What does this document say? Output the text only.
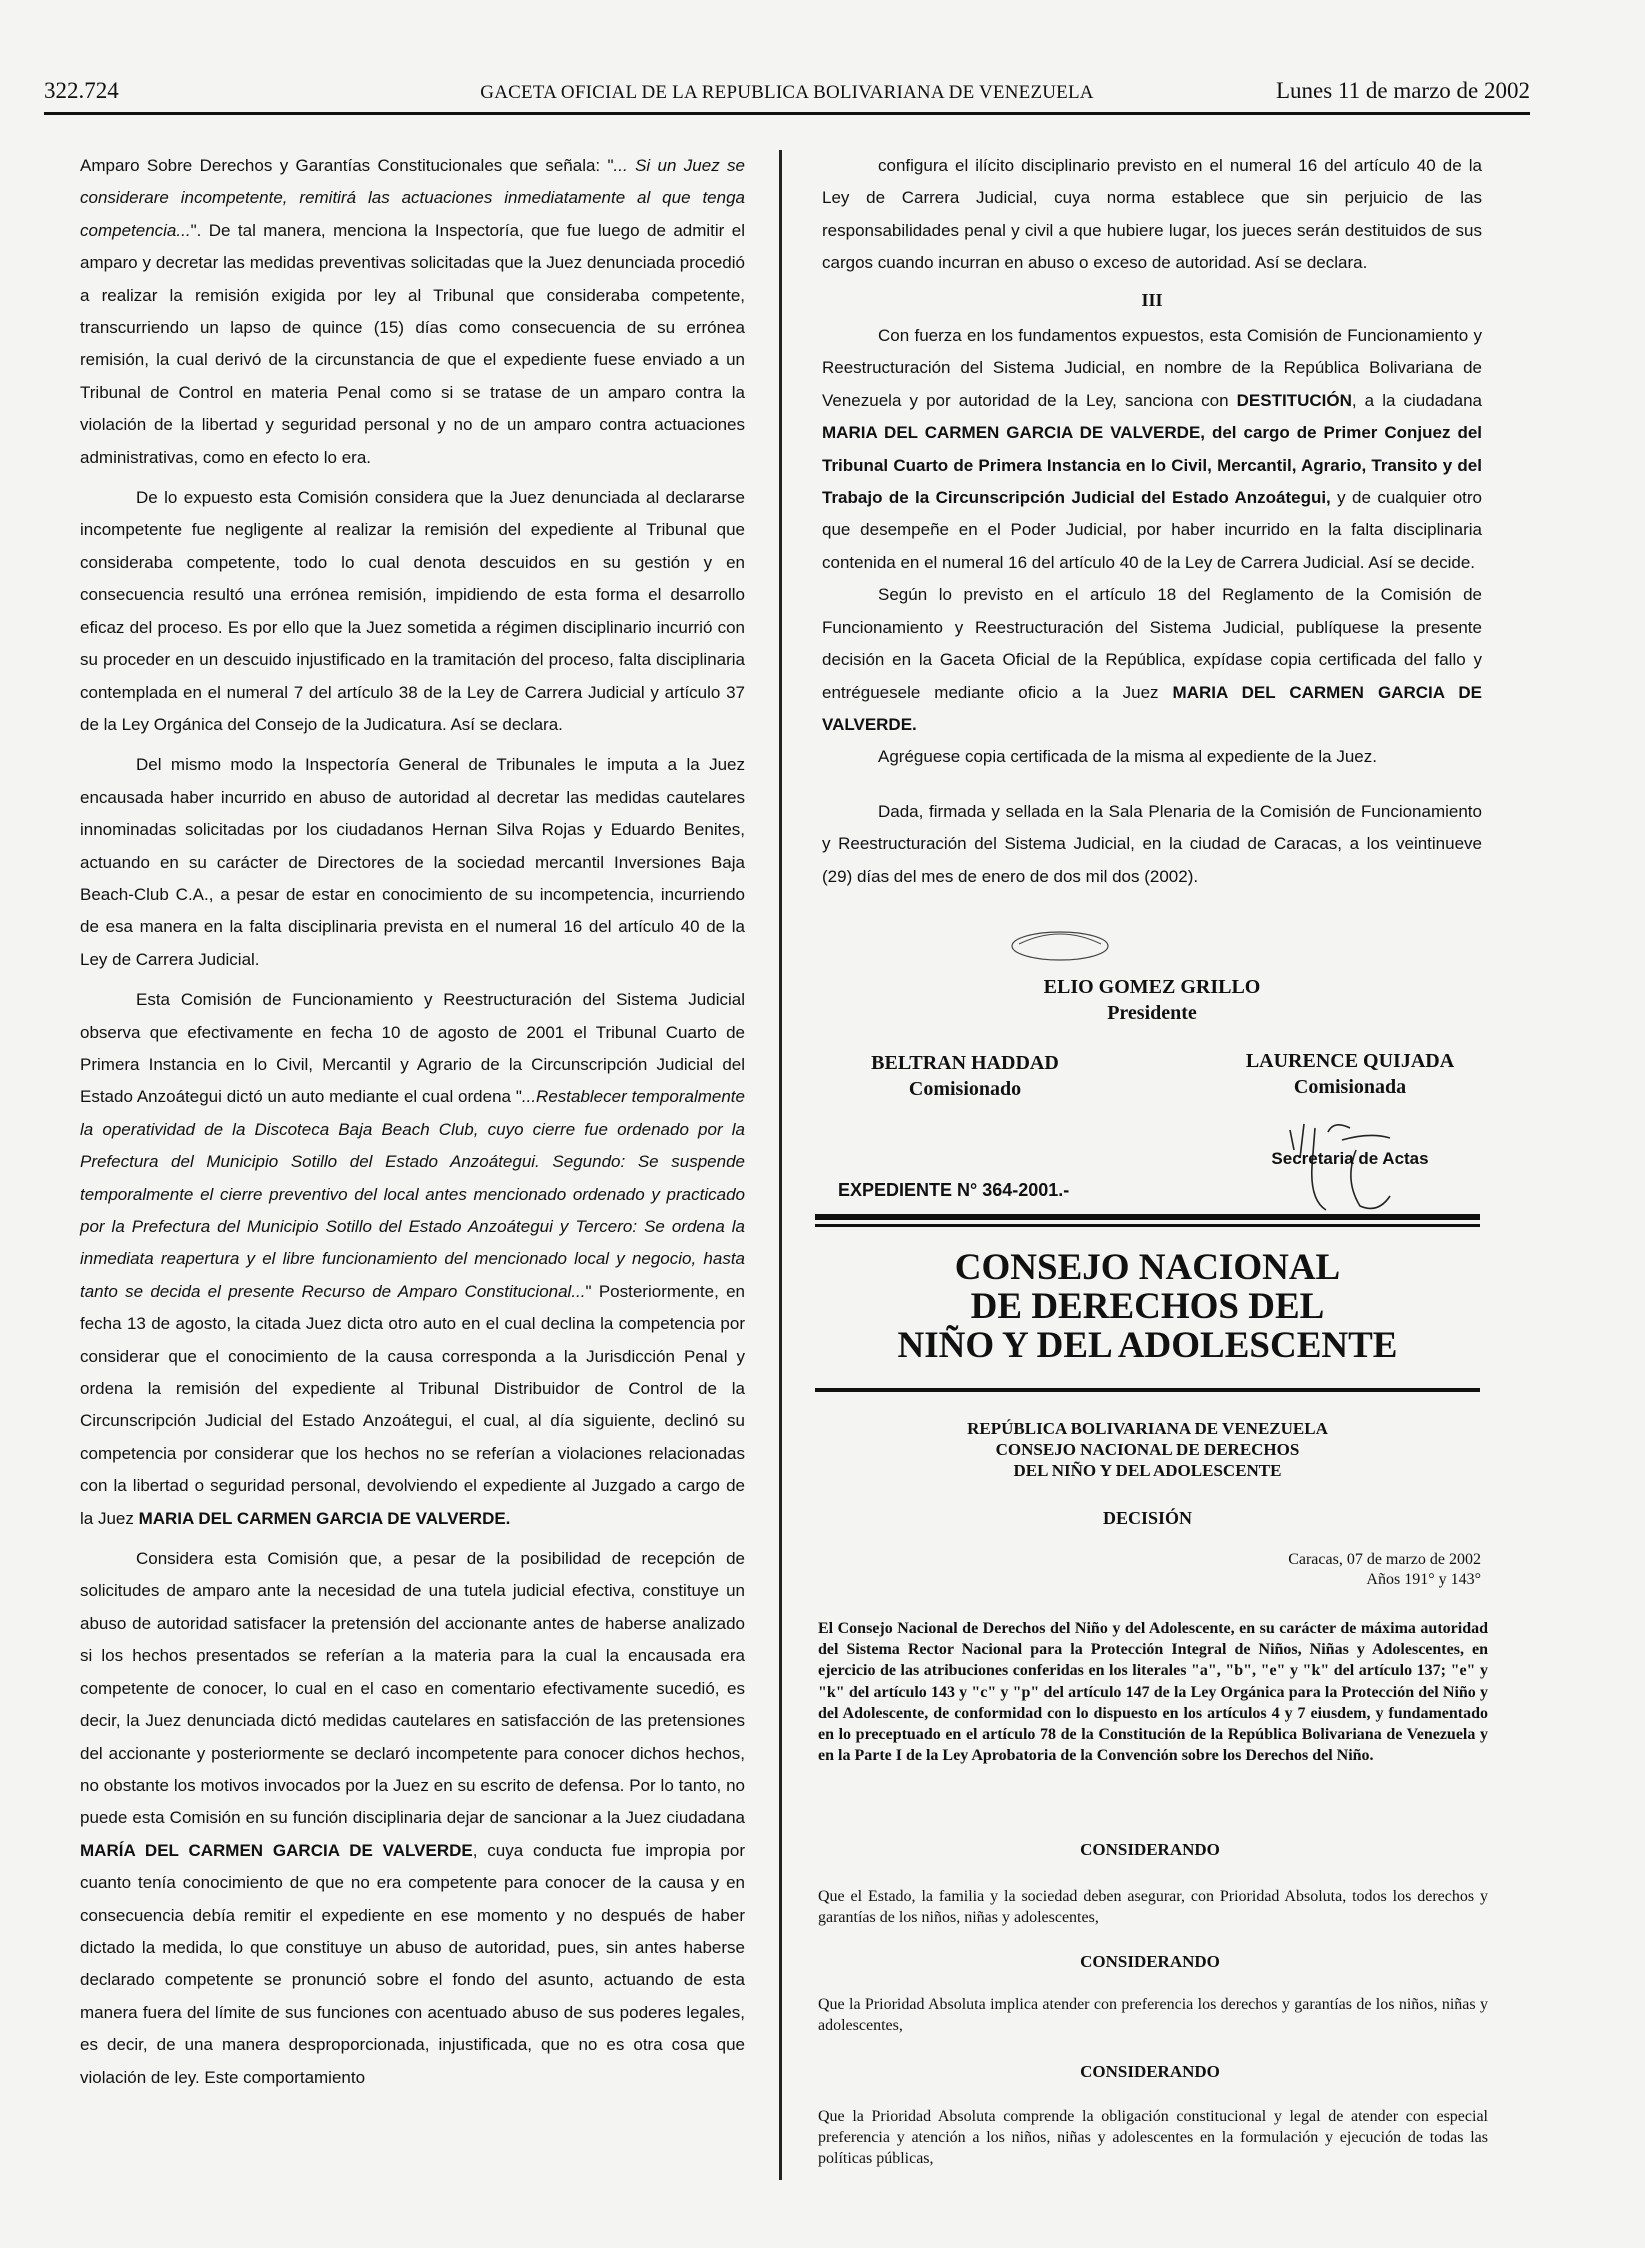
322.724	GACETA OFICIAL DE LA REPUBLICA BOLIVARIANA DE VENEZUELA	Lunes 11 de marzo de 2002

Amparo Sobre Derechos y Garantías Constitucionales que señala: "... Si un Juez se considerare incompetente, remitirá las actuaciones inmediatamente al que tenga competencia...". De tal manera, menciona la Inspectoría, que fue luego de admitir el amparo y decretar las medidas preventivas solicitadas que la Juez denunciada procedió a realizar la remisión exigida por ley al Tribunal que consideraba competente, transcurriendo un lapso de quince (15) días como consecuencia de su errónea remisión, la cual derivó de la circunstancia de que el expediente fuese enviado a un Tribunal de Control en materia Penal como si se tratase de un amparo contra la violación de la libertad y seguridad personal y no de un amparo contra actuaciones administrativas, como en efecto lo era.

De lo expuesto esta Comisión considera que la Juez denunciada al declararse incompetente fue negligente al realizar la remisión del expediente al Tribunal que consideraba competente, todo lo cual denota descuidos en su gestión y en consecuencia resultó una errónea remisión, impidiendo de esta forma el desarrollo eficaz del proceso. Es por ello que la Juez sometida a régimen disciplinario incurrió con su proceder en un descuido injustificado en la tramitación del proceso, falta disciplinaria contemplada en el numeral 7 del artículo 38 de la Ley de Carrera Judicial y artículo 37 de la Ley Orgánica del Consejo de la Judicatura. Así se declara.

Del mismo modo la Inspectoría General de Tribunales le imputa a la Juez encausada haber incurrido en abuso de autoridad al decretar las medidas cautelares innominadas solicitadas por los ciudadanos Hernan Silva Rojas y Eduardo Benites, actuando en su carácter de Directores de la sociedad mercantil Inversiones Baja Beach-Club C.A., a pesar de estar en conocimiento de su incompetencia, incurriendo de esa manera en la falta disciplinaria prevista en el numeral 16 del artículo 40 de la Ley de Carrera Judicial.

Esta Comisión de Funcionamiento y Reestructuración del Sistema Judicial observa que efectivamente en fecha 10 de agosto de 2001 el Tribunal Cuarto de Primera Instancia en lo Civil, Mercantil y Agrario de la Circunscripción Judicial del Estado Anzoátegui dictó un auto mediante el cual ordena "...Restablecer temporalmente la operatividad de la Discoteca Baja Beach Club, cuyo cierre fue ordenado por la Prefectura del Municipio Sotillo del Estado Anzoátegui. Segundo: Se suspende temporalmente el cierre preventivo del local antes mencionado ordenado y practicado por la Prefectura del Municipio Sotillo del Estado Anzoátegui y Tercero: Se ordena la inmediata reapertura y el libre funcionamiento del mencionado local y negocio, hasta tanto se decida el presente Recurso de Amparo Constitucional..." Posteriormente, en fecha 13 de agosto, la citada Juez dicta otro auto en el cual declina la competencia por considerar que el conocimiento de la causa corresponda a la Jurisdicción Penal y ordena la remisión del expediente al Tribunal Distribuidor de Control de la Circunscripción Judicial del Estado Anzoátegui, el cual, al día siguiente, declinó su competencia por considerar que los hechos no se referían a violaciones relacionadas con la libertad o seguridad personal, devolviendo el expediente al Juzgado a cargo de la Juez MARIA DEL CARMEN GARCIA DE VALVERDE.

Considera esta Comisión que, a pesar de la posibilidad de recepción de solicitudes de amparo ante la necesidad de una tutela judicial efectiva, constituye un abuso de autoridad satisfacer la pretensión del accionante antes de haberse analizado si los hechos presentados se referían a la materia para la cual la encausada era competente de conocer, lo cual en el caso en comentario efectivamente sucedió, es decir, la Juez denunciada dictó medidas cautelares en satisfacción de las pretensiones del accionante y posteriormente se declaró incompetente para conocer dichos hechos, no obstante los motivos invocados por la Juez en su escrito de defensa. Por lo tanto, no puede esta Comisión en su función disciplinaria dejar de sancionar a la Juez ciudadana MARÍA DEL CARMEN GARCIA DE VALVERDE, cuya conducta fue impropia por cuanto tenía conocimiento de que no era competente para conocer de la causa y en consecuencia debía remitir el expediente en ese momento y no después de haber dictado la medida, lo que constituye un abuso de autoridad, pues, sin antes haberse declarado competente se pronunció sobre el fondo del asunto, actuando de esta manera fuera del límite de sus funciones con acentuado abuso de sus poderes legales, es decir, de una manera desproporcionada, injustificada, que no es otra cosa que violación de ley. Este comportamiento

configura el ilícito disciplinario previsto en el numeral 16 del artículo 40 de la Ley de Carrera Judicial, cuya norma establece que sin perjuicio de las responsabilidades penal y civil a que hubiere lugar, los jueces serán destituidos de sus cargos cuando incurran en abuso o exceso de autoridad. Así se declara.

III

Con fuerza en los fundamentos expuestos, esta Comisión de Funcionamiento y Reestructuración del Sistema Judicial, en nombre de la República Bolivariana de Venezuela y por autoridad de la Ley, sanciona con DESTITUCIÓN, a la ciudadana MARIA DEL CARMEN GARCIA DE VALVERDE, del cargo de Primer Conjuez del Tribunal Cuarto de Primera Instancia en lo Civil, Mercantil, Agrario, Transito y del Trabajo de la Circunscripción Judicial del Estado Anzoátegui, y de cualquier otro que desempeñe en el Poder Judicial, por haber incurrido en la falta disciplinaria contenida en el numeral 16 del artículo 40 de la Ley de Carrera Judicial. Así se decide.

Según lo previsto en el artículo 18 del Reglamento de la Comisión de Funcionamiento y Reestructuración del Sistema Judicial, publíquese la presente decisión en la Gaceta Oficial de la República, expídase copia certificada del fallo y entréguesele mediante oficio a la Juez MARIA DEL CARMEN GARCIA DE VALVERDE.

Agréguese copia certificada de la misma al expediente de la Juez.

Dada, firmada y sellada en la Sala Plenaria de la Comisión de Funcionamiento y Reestructuración del Sistema Judicial, en la ciudad de Caracas, a los veintinueve (29) días del mes de enero de dos mil dos (2002).

ELIO GOMEZ GRILLO
Presidente
BELTRAN HADDAD
Comisionado
LAURENCE QUIJADA
Comisionada
Secretaria de Actas
EXPEDIENTE N° 364-2001.-
CONSEJO NACIONAL
DE DERECHOS DEL
NIÑO Y DEL ADOLESCENTE
REPÚBLICA BOLIVARIANA DE VENEZUELA
CONSEJO NACIONAL DE DERECHOS
DEL NIÑO Y DEL ADOLESCENTE
DECISIÓN
Caracas, 07 de marzo de 2002
Años 191° y 143°

El Consejo Nacional de Derechos del Niño y del Adolescente, en su carácter de máxima autoridad del Sistema Rector Nacional para la Protección Integral de Niños, Niñas y Adolescentes, en ejercicio de las atribuciones conferidas en los literales "a", "b", "e" y "k" del artículo 137; "e" y "k" del artículo 143 y "c" y "p" del artículo 147 de la Ley Orgánica para la Protección del Niño y del Adolescente, de conformidad con lo dispuesto en los artículos 4 y 7 eiusdem, y fundamentado en lo preceptuado en el artículo 78 de la Constitución de la República Bolivariana de Venezuela y en la Parte I de la Ley Aprobatoria de la Convención sobre los Derechos del Niño.

CONSIDERANDO

Que el Estado, la familia y la sociedad deben asegurar, con Prioridad Absoluta, todos los derechos y garantías de los niños, niñas y adolescentes,

CONSIDERANDO

Que la Prioridad Absoluta implica atender con preferencia los derechos y garantías de los niños, niñas y adolescentes,

CONSIDERANDO

Que la Prioridad Absoluta comprende la obligación constitucional y legal de atender con especial preferencia y atención a los niños, niñas y adolescentes en la formulación y ejecución de todas las políticas públicas,
